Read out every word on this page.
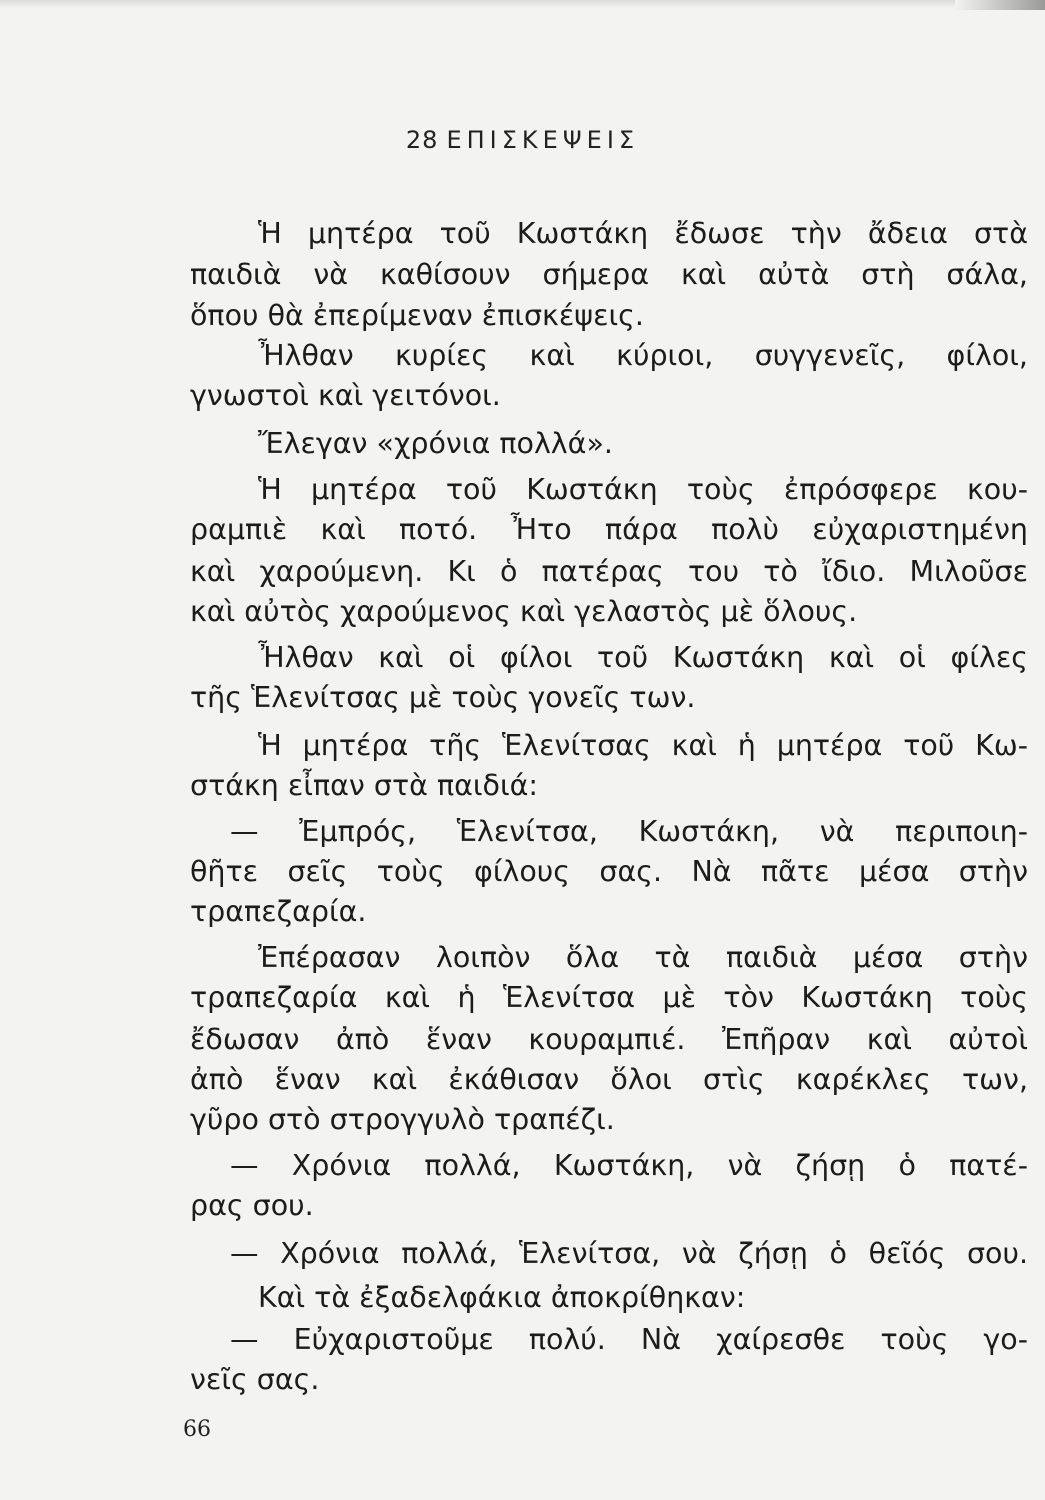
28 ΕΠΙΣΚΕΨΕΙΣ
Ἡ μητέρα τοῦ Κωστάκη ἔδωσε τὴν ἄδεια στὰ
παιδιὰ νὰ καθίσουν σήμερα καὶ αὐτὰ στὴ σάλα,
ὅπου θὰ ἐπερίμεναν ἐπισκέψεις.
Ἦλθαν κυρίες καὶ κύριοι, συγγενεῖς, φίλοι,
γνωστοὶ καὶ γειτόνοι.
Ἔλεγαν «χρόνια πολλά».
Ἡ μητέρα τοῦ Κωστάκη τοὺς ἐπρόσφερε κου-
ραμπιὲ καὶ ποτό. Ἦτο πάρα πολὺ εὐχαριστημένη
καὶ χαρούμενη. Κι ὁ πατέρας του τὸ ἴδιο. Μιλοῦσε
καὶ αὐτὸς χαρούμενος καὶ γελαστὸς μὲ ὅλους.
Ἦλθαν καὶ οἱ φίλοι τοῦ Κωστάκη καὶ οἱ φίλες
τῆς Ἑλενίτσας μὲ τοὺς γονεῖς των.
Ἡ μητέρα τῆς Ἑλενίτσας καὶ ἡ μητέρα τοῦ Κω-
στάκη εἶπαν στὰ παιδιά:
— Ἐμπρός, Ἑλενίτσα, Κωστάκη, νὰ περιποιη-
θῆτε σεῖς τοὺς φίλους σας. Νὰ πᾶτε μέσα στὴν
τραπεζαρία.
Ἐπέρασαν λοιπὸν ὅλα τὰ παιδιὰ μέσα στὴν
τραπεζαρία καὶ ἡ Ἑλενίτσα μὲ τὸν Κωστάκη τοὺς
ἔδωσαν ἀπὸ ἕναν κουραμπιέ. Ἐπῆραν καὶ αὐτοὶ
ἀπὸ ἕναν καὶ ἐκάθισαν ὅλοι στὶς καρέκλες των,
γῦρο στὸ στρογγυλὸ τραπέζι.
— Χρόνια πολλά, Κωστάκη, νὰ ζήσῃ ὁ πατέ-
ρας σου.
— Χρόνια πολλά, Ἑλενίτσα, νὰ ζήσῃ ὁ θεῖός σου.
Καὶ τὰ ἐξαδελφάκια ἀποκρίθηκαν:
— Εὐχαριστοῦμε πολύ. Νὰ χαίρεσθε τοὺς γο-
νεῖς σας.
66
